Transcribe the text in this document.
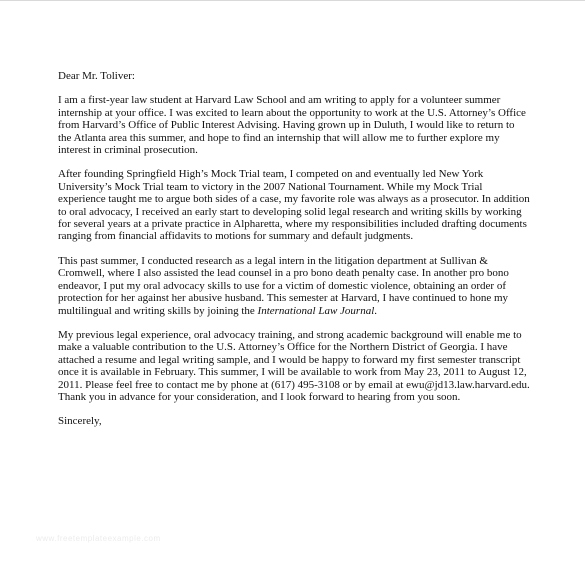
Dear Mr. Toliver:

I am a first-year law student at Harvard Law School and am writing to apply for a volunteer summer internship at your office. I was excited to learn about the opportunity to work at the U.S. Attorney’s Office from Harvard’s Office of Public Interest Advising. Having grown up in Duluth, I would like to return to the Atlanta area this summer, and hope to find an internship that will allow me to further explore my interest in criminal prosecution.

After founding Springfield High’s Mock Trial team, I competed on and eventually led New York University’s Mock Trial team to victory in the 2007 National Tournament. While my Mock Trial experience taught me to argue both sides of a case, my favorite role was always as a prosecutor. In addition to oral advocacy, I received an early start to developing solid legal research and writing skills by working for several years at a private practice in Alpharetta, where my responsibilities included drafting documents ranging from financial affidavits to motions for summary and default judgments.

This past summer, I conducted research as a legal intern in the litigation department at Sullivan & Cromwell, where I also assisted the lead counsel in a pro bono death penalty case. In another pro bono endeavor, I put my oral advocacy skills to use for a victim of domestic violence, obtaining an order of protection for her against her abusive husband. This semester at Harvard, I have continued to hone my multilingual and writing skills by joining the International Law Journal.

My previous legal experience, oral advocacy training, and strong academic background will enable me to make a valuable contribution to the U.S. Attorney’s Office for the Northern District of Georgia. I have attached a resume and legal writing sample, and I would be happy to forward my first semester transcript once it is available in February. This summer, I will be available to work from May 23, 2011 to August 12, 2011. Please feel free to contact me by phone at (617) 495-3108 or by email at ewu@jd13.law.harvard.edu. Thank you in advance for your consideration, and I look forward to hearing from you soon.

Sincerely,

www.freetemplateexample.com
